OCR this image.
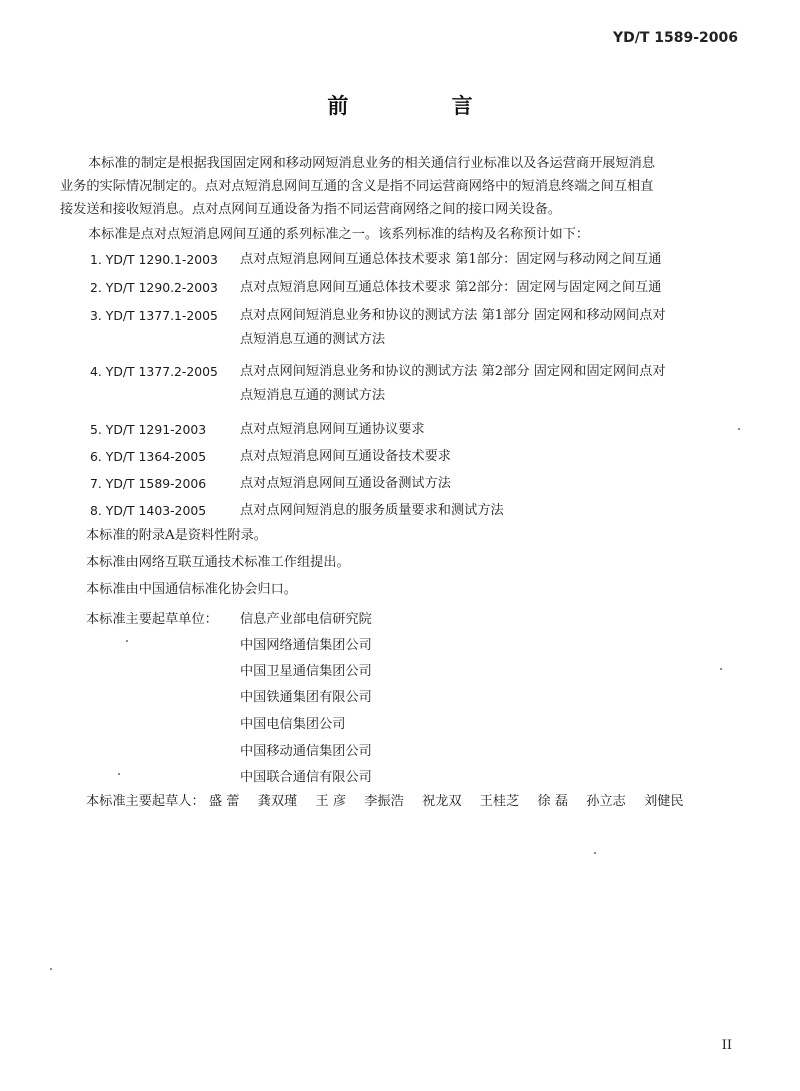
YD/T 1589-2006
前 言
本标准的制定是根据我国固定网和移动网短消息业务的相关通信行业标准以及各运营商开展短消息
业务的实际情况制定的。点对点短消息网间互通的含义是指不同运营商网络中的短消息终端之间互相直
接发送和接收短消息。点对点网间互通设备为指不同运营商网络之间的接口网关设备。
本标准是点对点短消息网间互通的系列标准之一。该系列标准的结构及名称预计如下：
1. YD/T 1290.1-2003 点对点短消息网间互通总体技术要求 第1部分：固定网与移动网之间互通
2. YD/T 1290.2-2003 点对点短消息网间互通总体技术要求 第2部分：固定网与固定网之间互通
3. YD/T 1377.1-2005 点对点网间短消息业务和协议的测试方法 第1部分 固定网和移动网间点对
点短消息互通的测试方法
4. YD/T 1377.2-2005 点对点网间短消息业务和协议的测试方法 第2部分 固定网和固定网间点对
点短消息互通的测试方法
5. YD/T 1291-2003	点对点短消息网间互通协议要求
6. YD/T 1364-2005	点对点短消息网间互通设备技术要求
7. YD/T 1589-2006	点对点短消息网间互通设备测试方法
8. YD/T 1403-2005	点对点网间短消息的服务质量要求和测试方法
本标准的附录A是资料性附录。
本标准由网络互联互通技术标准工作组提出。
本标准由中国通信标准化协会归口。
本标准主要起草单位： 信息产业部电信研究院
中国网络通信集团公司
中国卫星通信集团公司
中国铁通集团有限公司
中国电信集团公司
中国移动通信集团公司
中国联合通信有限公司
本标准主要起草人： 盛 蕾 龚双瑾 王 彦 李振浩 祝龙双 王桂芝 徐 磊 孙立志 刘健民
II
